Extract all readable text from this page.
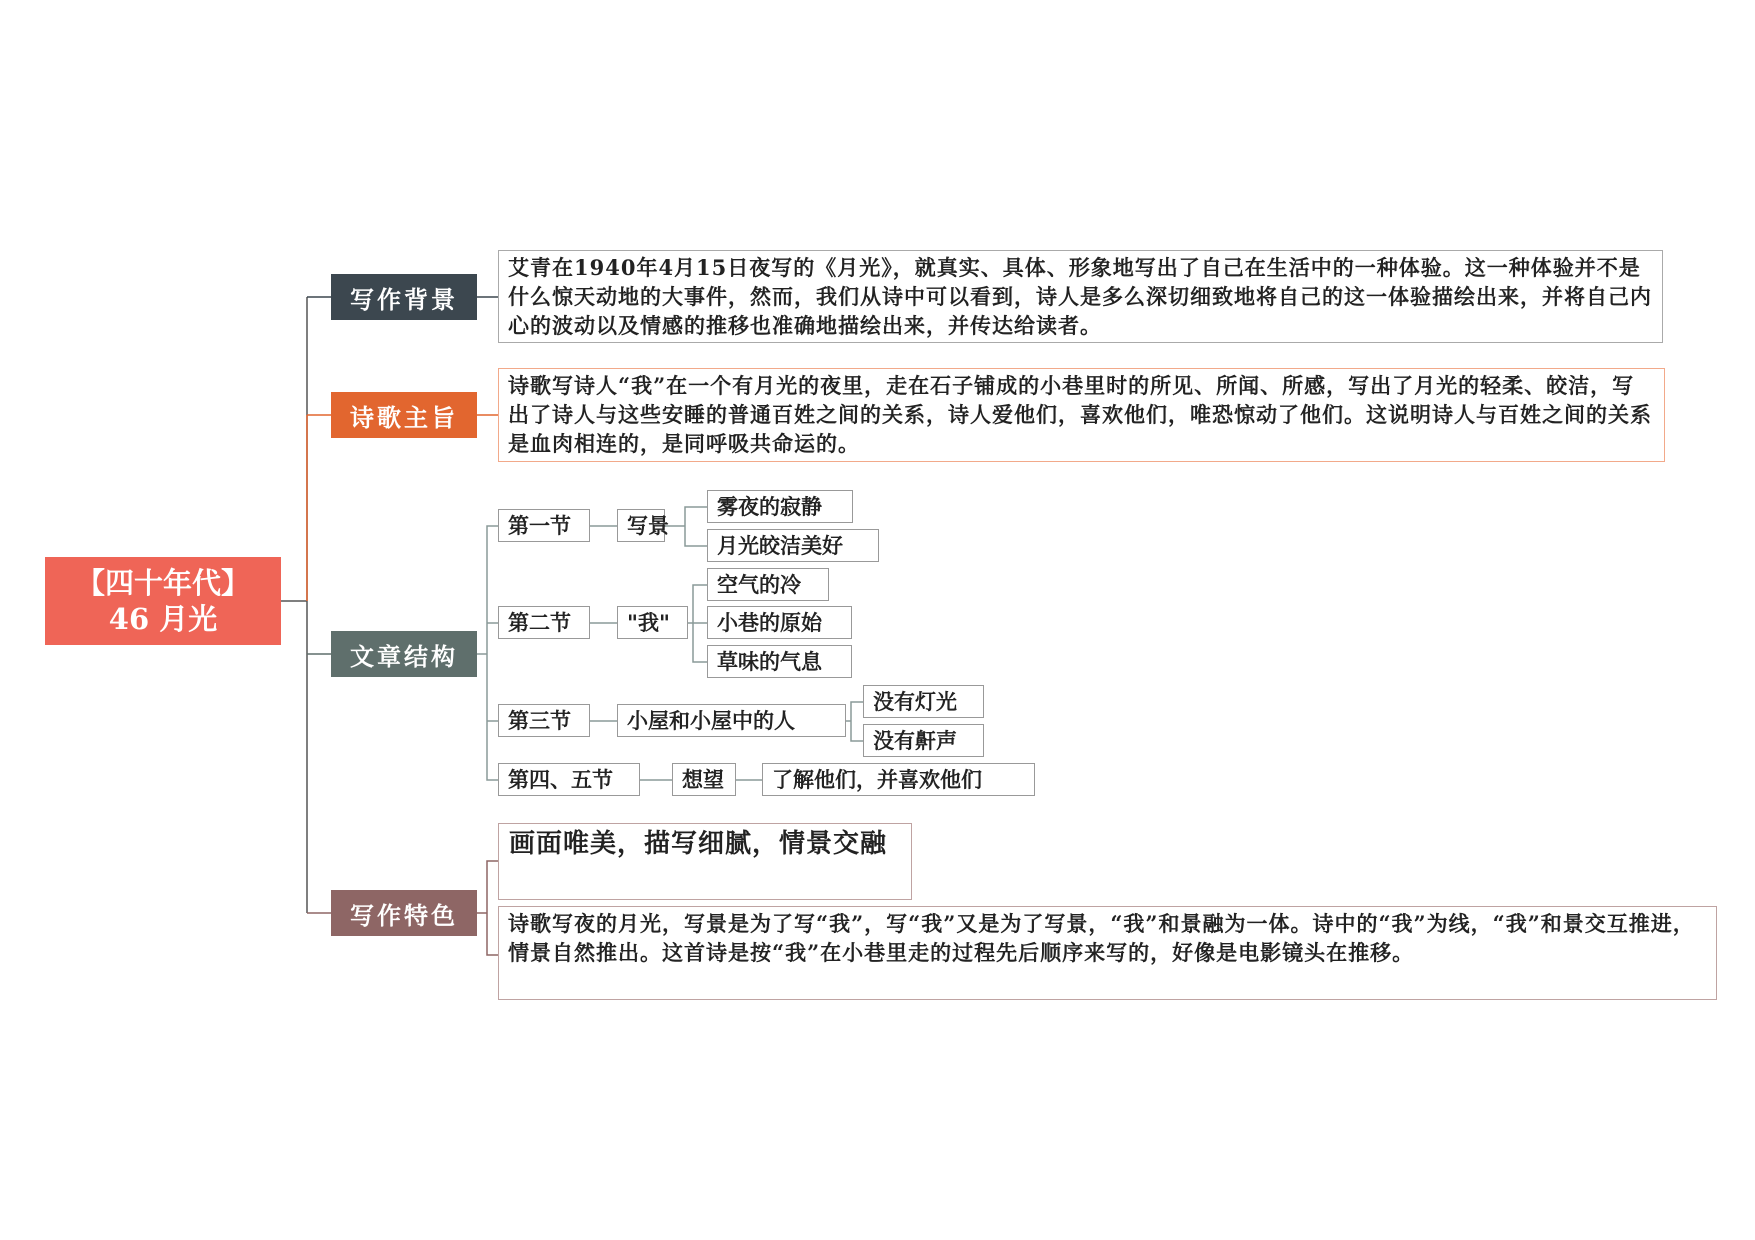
【四十年代】
46 月光
写作背景
诗歌主旨
文章结构
写作特色
艾青在1940年4月15日夜写的《月光》，就真实、具体、形象地写出了自己在生活中的一种体验。这一种体验并不是什么惊天动地的大事件，然而，我们从诗中可以看到，诗人是多么深切细致地将自己的这一体验描绘出来，并将自己内心的波动以及情感的推移也准确地描绘出来，并传达给读者。
诗歌写诗人“我”在一个有月光的夜里，走在石子铺成的小巷里时的所见、所闻、所感，写出了月光的轻柔、皎洁，写出了诗人与这些安睡的普通百姓之间的关系，诗人爱他们，喜欢他们，唯恐惊动了他们。这说明诗人与百姓之间的关系是血肉相连的，是同呼吸共命运的。
第一节	写景
雾夜的寂静
月光皎洁美好
第二节	"我"
空气的冷
小巷的原始
草味的气息
第三节	小屋和小屋中的人
没有灯光
没有鼾声
第四、五节	想望	了解他们，并喜欢他们
画面唯美，描写细腻，情景交融
诗歌写夜的月光，写景是为了写“我”，写“我”又是为了写景，“我”和景融为一体。诗中的“我”为线，“我”和景交互推进，情景自然推出。这首诗是按“我”在小巷里走的过程先后顺序来写的，好像是电影镜头在推移。
